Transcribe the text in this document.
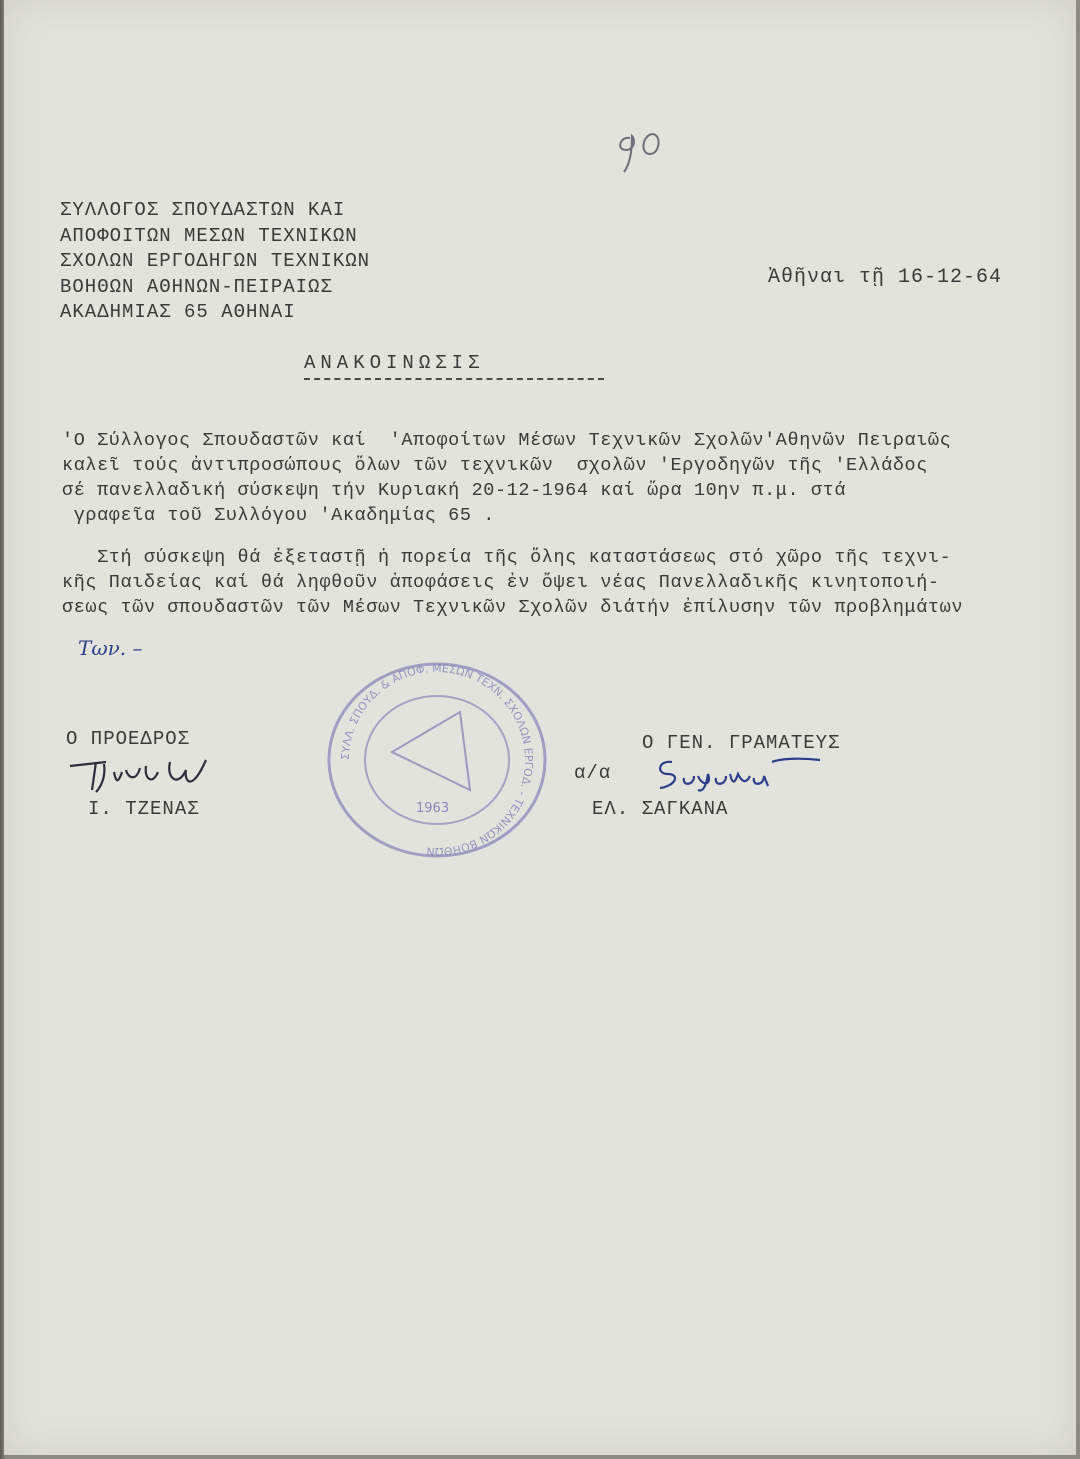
ΣΥΛΛΟΓΟΣ ΣΠΟΥΔΑΣΤΩΝ ΚΑΙ
ΑΠΟΦΟΙΤΩΝ ΜΕΣΩΝ ΤΕΧΝΙΚΩΝ
ΣΧΟΛΩΝ ΕΡΓΟΔΗΓΩΝ ΤΕΧΝΙΚΩΝ
ΒΟΗΘΩΝ ΑΘΗΝΩΝ-ΠΕΙΡΑΙΩΣ
ΑΚΑΔΗΜΙΑΣ 65 ΑΘΗΝΑΙ
Ἀθῆναι τῇ 16-12-64
ΑΝΑΚΟΙΝΩΣΙΣ
'Ο Σύλλογος Σπουδαστῶν καί  'Αποφοίτων Μέσων Τεχνικῶν Σχολῶν'Αθηνῶν Πειραιῶς
καλεῖ τούς ἀντιπροσώπους ὅλων τῶν τεχνικῶν  σχολῶν 'Εργοδηγῶν τῆς 'Ελλάδος
σέ πανελλαδική σύσκεψη τήν Κυριακή 20-12-1964 καί ὥρα 10ην π.μ. στά
γραφεῖα τοῦ Συλλόγου 'Ακαδημίας 65 .
Στή σύσκεψη θά ἐξεταστῇ ἡ πορεία τῆς ὅλης καταστάσεως στό χῶρο τῆς τεχνι-
κῆς Παιδείας καί θά ληφθοῦν ἀποφάσεις ἐν ὄψει νέας Πανελλαδικῆς κινητοποιή-
σεως τῶν σπουδαστῶν τῶν Μέσων Τεχνικῶν Σχολῶν διάτήν ἐπίλυσην τῶν προβλημάτων
Των. –
ΣΥΛΛ. ΣΠΟΥΔ. & ΑΠΟΦ. ΜΕΣΩΝ ΤΕΧΝ. ΣΧΟΛΩΝ ΕΡΓΟΔ. - ΤΕΧΝΙΚΩΝ ΒΟΗΘΩΝ
1963
Ο ΠΡΟΕΔΡΟΣ
Ι. ΤΖΕΝΑΣ
Ο ΓΕΝ. ΓΡΑΜΑΤΕΥΣ
α/α
ΕΛ. ΣΑΓΚΑΝΑ
